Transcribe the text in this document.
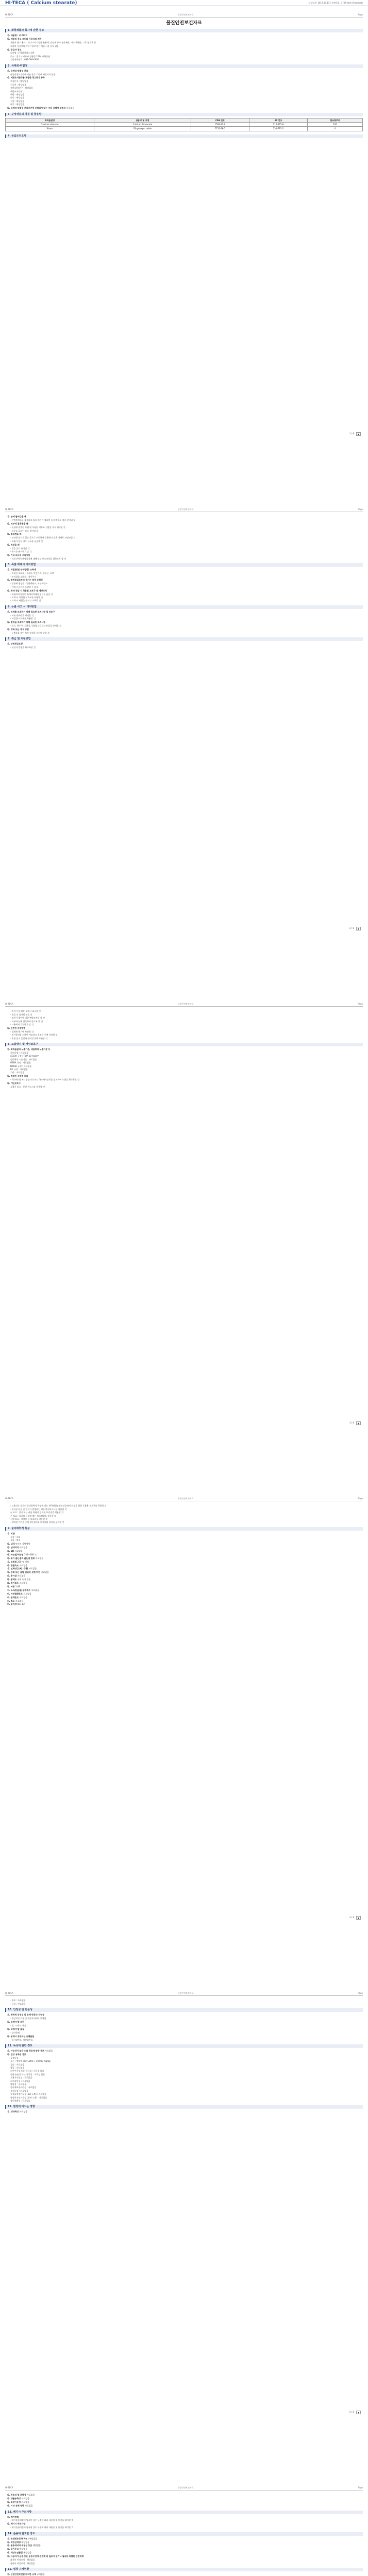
HI-TECA ( Calcium stearate)	작성일자: 2017.04.11 / 개정번호: 3 / Hi-tech Chemicals
HI-TECA	물질안전보건자료	Page
물질안전보건자료
1. 화학제품과 회사에 관한 정보
가. 제품명 : HI-TECA
나. 제품의 권고 용도와 사용상의 제한
제품의 권고 용도 : 플라스틱 가공용 윤활제, 안정제 등의 첨가제품, 기타 화학품, 고무 첨가제 등
제품의 사용상의 제한 : 알고 있는 제한 사용 용도 없음
다. 공급자 정보
회사명 : (주)하이테크 화학
주소 : 경기도 시흥시 정왕동 1234 시화공단
긴급전화번호 : 031-000-0000
2. 유해성·위험성
가. 유해성·위험성 분류
산업안전보건법에 따른 분류 기준에 해당되지 않음
나. 예방조치문구를 포함한 경고표지 항목
그림문자 : 해당없음
신호어 : 해당없음
유해·위험문구 : 해당없음
예방조치문구 :
예방 : 해당없음
대응 : 해당없음
저장 : 해당없음
폐기 : 해당없음
다. 유해성·위험성 분류기준에 포함되지 않는 기타 유해성·위험성 자료없음
3. 구성성분의 명칭 및 함유량
화학물질명	관용명 및 이명	CAS 번호	EC 번호	함유량(%)
Calcium stearate	Calcium distearate	1592-23-0	216-472-8	100
Water	Dihydrogen oxide	7732-18-5	231-791-2	0
4. 응급조치요령
1 / 8	▲
HI-TECA	물질안전보건자료	Page
가. 눈에 들어갔을 때
· 콘택트렌즈를 착용하고 있고 제거가 쉽다면 즉시 빼내고 계속 씻어낼 것
나. 피부에 접촉했을 때
· 물질에 접촉된 부위 및 오염된 의복과 신발은 즉시 제거할 것
· 피부를 흐르는 물로 씻어낼 것
다. 흡입했을 때
· 신선한 공기가 있는 곳으로 이동하여 호흡하기 쉬운 자세로 안정시킬 것
· 호흡이 힘들 경우 산소를 공급할 것
라. 먹었을 때
· 입을 물로 씻어낼 것
· 구토를 유도하지 말 것
마. 기타 의사의 주의사항
· 의료인력이 해당물질에 대해 알고 보호조치를 취하도록 할 것
5. 폭발·화재시 대처방법
가. 적절한(및 부적절한) 소화제
· 적절한 소화제 : 건조사, 탄산가스, 물분무, 포말
· 부적절한 소화제 : 직사주수
나. 화학물질로부터 생기는 특정 유해성
· 열분해 생성물 : 일산화탄소, 이산화탄소
· 가열시 용기가 폭발할 수 있음
다. 화재 진압 시 착용할 보호구 및 예방조치
· 위험하지 않다면 화재지역에서 용기를 옮길 것
· 소화 시 적절한 보호구를 착용할 것
· 소화 시 바람을 등지고 소화할 것
6. 누출 사고 시 대처방법
가. 인체를 보호하기 위해 필요한 조치사항 및 보호구
· 모든 점화원을 제거할 것
· 적절한 보호구를 착용할 것
나. 환경을 보호하기 위해 필요한 조치사항
· 수로, 하수구, 지하실, 밀폐공간으로의 유입을 방지할 것
다. 정화 또는 제거 방법
· 누출물을 쓸어 모아 적절한 용기에 담을 것
7. 취급 및 저장방법
가. 안전취급요령
· 분진의 발생을 최소화할 것
2 / 8	▲
HI-TECA	물질안전보건자료	Page
· 환기가 잘 되는 곳에서 취급할 것
· 취급 후 철저히 씻을 것
· 정전기 방전에 대한 예방조치를 할 것
· 피부와 눈에 접촉하지 않도록 할 것
· 고온에서 가열하지 말 것
나. 안전한 저장방법
· 밀폐된 용기에 보관할 것
· 직사광선을 피하여 서늘하고 건조한 곳에 저장할 것
· 혼합 금지 물질과 떨어진 곳에 보관할 것
8. 노출방지 및 개인보호구
가. 화학물질의 노출기준, 생물학적 노출기준 등
국내규정 : 자료없음
ACGIH 규정 : TWA 10 mg/m³
생물학적 노출기준 : 자료없음
OSHA 규정 : 자료없음
NIOSH 규정 : 자료없음
EU 규정 : 자료없음
기타 : 자료없음
나. 적절한 공학적 관리
· 국소배기장치 : 공정격리 또는 국소배기장치를 설치하여 노출을 최소화할 것
다. 개인보호구
호흡기 보호 : 분진 마스크를 착용할 것
3 / 8	▲
HI-TECA	물질안전보건자료	Page
· 노출되는 물질의 물리화학적 특성에 맞는 한국산업안전보건공단의 인증을 필한 호흡용 보호구를 착용할 것
· 입자상 물질 및 먼지가 발생하는 경우 방진마스크를 착용할 것
눈 보호 : 분진 또는 비산 위험이 있으면 보안경을 착용할 것
손 보호 : 물질의 특성에 맞는 보호장갑을 착용할 것
신체 보호 : 작업복 등 보호의를 착용할 것
· 작업장 가까운 곳에 세안설비와 비상샤워 설비를 설치할 것
9. 물리화학적 특성
가. 외관
성상 : 고체
색상 : 백색
나. 냄새 약간의 지방냄새
다. 냄새역치 자료없음
라. pH 자료없음
마. 녹는점/어는점 145~160 ℃
바. 초기 끓는점과 끓는점 범위 자료없음
사. 인화점 250 ℃ 이상
아. 증발속도 자료없음
자. 인화성(고체, 기체) 자료없음
차. 인화 또는 폭발 범위의 상한/하한 자료없음
카. 증기압 자료없음
타. 용해도 물에 녹지 않음
파. 증기밀도 자료없음
하. 비중 1.08
거. n-옥탄올/물 분배계수 자료없음
너. 자연발화온도 자료없음
더. 분해온도 자료없음
러. 점도 자료없음
머. 분자량 607.02
4 / 8	▲
HI-TECA	물질안전보건자료	Page
· 정보 : 자료없음
· 급성 : 자료없음
10. 안정성 및 반응성
가. 화학적 안정성 및 유해 반응의 가능성
· 정상적인 저장 및 취급조건에서 안정함
나. 피해야 할 조건
· 열, 스파크, 화염
다. 피해야 할 물질
· 강산화제
라. 분해시 생성되는 유해물질
· 일산화탄소, 이산화탄소
11. 독성에 관한 정보
가. 가능성이 높은 노출 경로에 관한 정보 자료없음
나. 건강 유해성 정보
급성독성
경구 : 랫트에 대한 LD50 > 10,000 mg/kg
경피 : 자료없음
흡입 : 자료없음
피부부식성 또는 자극성 : 자극성 없음
심한 눈손상 또는 자극성 : 자극성 없음
호흡기과민성 : 자료없음
피부과민성 : 자료없음
발암성 : 자료없음
생식세포변이원성 : 자료없음
생식독성 : 자료없음
특정표적장기독성 (1회 노출) : 자료없음
특정표적장기독성 (반복 노출) : 자료없음
흡인유해성 : 자료없음
12. 환경에 미치는 영향
가. 생태독성 자료없음
5 / 8	▲
HI-TECA	물질안전보건자료	Page
나. 잔류성 및 분해성 자료없음
다. 생물농축성 자료없음
라. 토양이동성 자료없음
마. 기타 유해 영향 자료없음
13. 폐기시 주의사항
가. 폐기방법
· 폐기물관리법에 명시된 경우 규정에 따라 내용물 및 용기를 폐기할 것
나. 폐기시 주의사항
· 폐기물관리법에 명시된 경우 규정에 따라 내용물 및 용기를 폐기할 것
14. 운송에 필요한 정보
가. 유엔번호(UN No.) 해당없음
나. 적정선적명 해당없음
다. 운송에서의 위험성 등급 해당없음
라. 용기등급 해당없음
마. 해양오염물질 해당없음
바. 사용자가 운송 또는 운송수단에 관련해 알 필요가 있거나 필요한 특별한 안전대책
화재시 비상조치 : 해당없음
유출시 비상조치 : 해당없음
15. 법적 규제현황
가. 산업안전보건법에 의한 규제 규제없음
